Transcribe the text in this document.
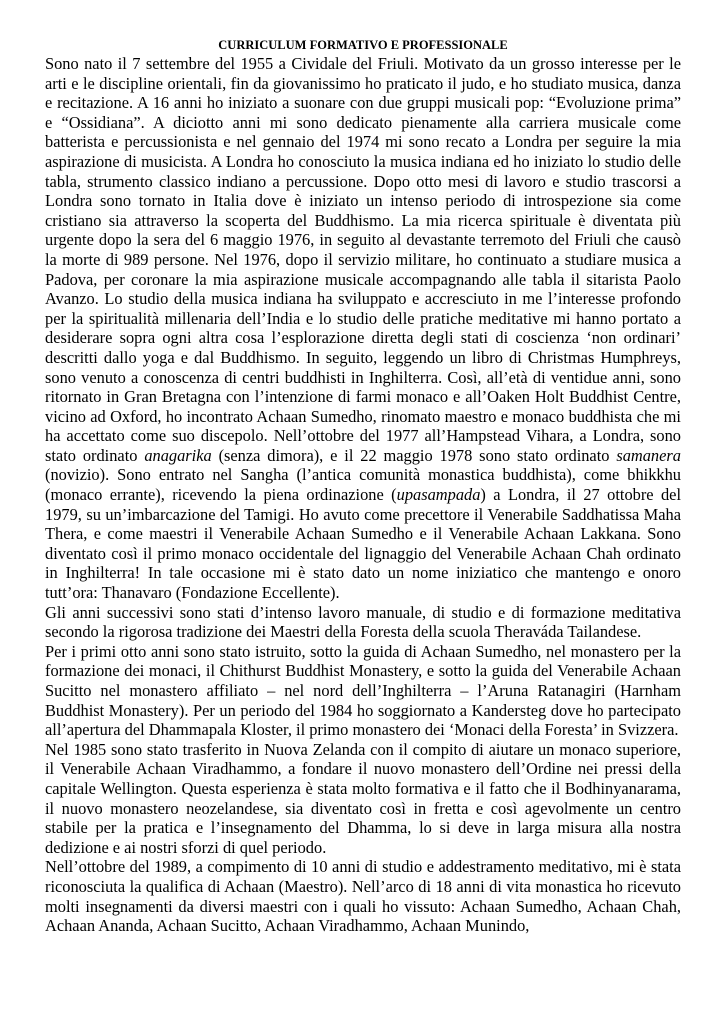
CURRICULUM FORMATIVO E PROFESSIONALE

Sono nato il 7 settembre del 1955 a Cividale del Friuli. Motivato da un grosso interesse per le arti e le discipline orientali, fin da giovanissimo ho praticato il judo, e ho studiato musica, danza e recitazione. A 16 anni ho iniziato a suonare con due gruppi musicali pop: “Evoluzione prima” e “Ossidiana”. A diciotto anni mi sono dedicato pienamente alla carriera musicale come batterista e percussionista e nel gennaio del 1974 mi sono recato a Londra per seguire la mia aspirazione di musicista. A Londra ho conosciuto la musica indiana ed ho iniziato lo studio delle tabla, strumento classico indiano a percussione. Dopo otto mesi di lavoro e studio trascorsi a Londra sono tornato in Italia dove è iniziato un intenso periodo di introspezione sia come cristiano sia attraverso la scoperta del Buddhismo. La mia ricerca spirituale è diventata più urgente dopo la sera del 6 maggio 1976, in seguito al devastante terremoto del Friuli che causò la morte di 989 persone. Nel 1976, dopo il servizio militare, ho continuato a studiare musica a Padova, per coronare la mia aspirazione musicale accompagnando alle tabla il sitarista Paolo Avanzo. Lo studio della musica indiana ha sviluppato e accresciuto in me l’interesse profondo per la spiritualità millenaria dell’India e lo studio delle pratiche meditative mi hanno portato a desiderare sopra ogni altra cosa l’esplorazione diretta degli stati di coscienza ‘non ordinari’ descritti dallo yoga e dal Buddhismo. In seguito, leggendo un libro di Christmas Humphreys, sono venuto a conoscenza di centri buddhisti in Inghilterra. Così, all’età di ventidue anni, sono ritornato in Gran Bretagna con l’intenzione di farmi monaco e all’Oaken Holt Buddhist Centre, vicino ad Oxford, ho incontrato Achaan Sumedho, rinomato maestro e monaco buddhista che mi ha accettato come suo discepolo. Nell’ottobre del 1977 all’Hampstead Vihara, a Londra, sono stato ordinato anagarika (senza dimora), e il 22 maggio 1978 sono stato ordinato samanera (novizio). Sono entrato nel Sangha (l’antica comunità monastica buddhista), come bhikkhu (monaco errante), ricevendo la piena ordinazione (upasampada) a Londra, il 27 ottobre del 1979, su un’imbarcazione del Tamigi. Ho avuto come precettore il Venerabile Saddhatissa Maha Thera, e come maestri il Venerabile Achaan Sumedho e il Venerabile Achaan Lakkana. Sono diventato così il primo monaco occidentale del lignaggio del Venerabile Achaan Chah ordinato in Inghilterra! In tale occasione mi è stato dato un nome iniziatico che mantengo e onoro tutt’ora: Thanavaro (Fondazione Eccellente).

Gli anni successivi sono stati d’intenso lavoro manuale, di studio e di formazione meditativa secondo la rigorosa tradizione dei Maestri della Foresta della scuola Theraváda Tailandese.

Per i primi otto anni sono stato istruito, sotto la guida di Achaan Sumedho, nel monastero per la formazione dei monaci, il Chithurst Buddhist Monastery, e sotto la guida del Venerabile Achaan Sucitto nel monastero affiliato – nel nord dell’Inghilterra – l’Aruna Ratanagiri (Harnham Buddhist Monastery). Per un periodo del 1984 ho soggiornato a Kandersteg dove ho partecipato all’apertura del Dhammapala Kloster, il primo monastero dei ‘Monaci della Foresta’ in Svizzera.

Nel 1985 sono stato trasferito in Nuova Zelanda con il compito di aiutare un monaco superiore, il Venerabile Achaan Viradhammo, a fondare il nuovo monastero dell’Ordine nei pressi della capitale Wellington. Questa esperienza è stata molto formativa e il fatto che il Bodhinyanarama, il nuovo monastero neozelandese, sia diventato così in fretta e così agevolmente un centro stabile per la pratica e l’insegnamento del Dhamma, lo si deve in larga misura alla nostra dedizione e ai nostri sforzi di quel periodo.

Nell’ottobre del 1989, a compimento di 10 anni di studio e addestramento meditativo, mi è stata riconosciuta la qualifica di Achaan (Maestro). Nell’arco di 18 anni di vita monastica ho ricevuto molti insegnamenti da diversi maestri con i quali ho vissuto: Achaan Sumedho, Achaan Chah, Achaan Ananda, Achaan Sucitto, Achaan Viradhammo, Achaan Munindo,
